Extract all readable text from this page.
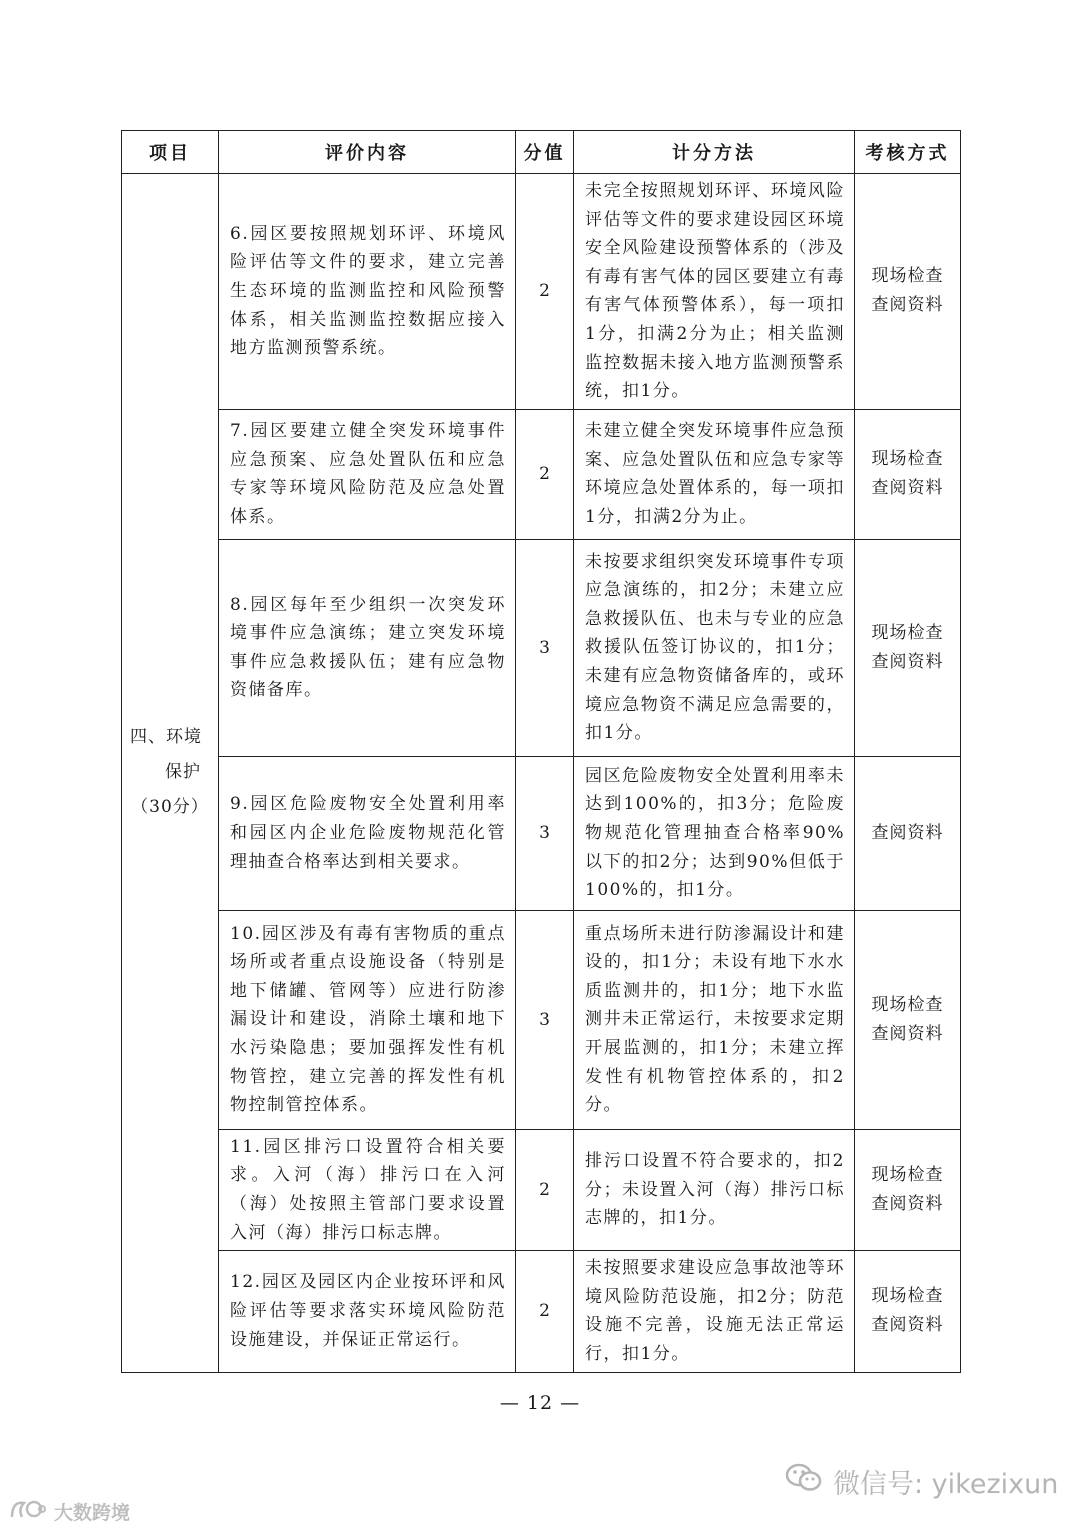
项目	评价内容	分值	计分方法	考核方式

四、环境
保护
（30分）	6.园区要按照规划环评、环境风险评估等文件的要求，建立完善生态环境的监测监控和风险预警体系，相关监测监控数据应接入地方监测预警系统。	2	未完全按照规划环评、环境风险评估等文件的要求建设园区环境安全风险建设预警体系的（涉及有毒有害气体的园区要建立有毒有害气体预警体系），每一项扣1分，扣满2分为止；相关监测监控数据未接入地方监测预警系统，扣1分。	现场检查查阅资料
	7.园区要建立健全突发环境事件应急预案、应急处置队伍和应急专家等环境风险防范及应急处置体系。	2	未建立健全突发环境事件应急预案、应急处置队伍和应急专家等环境应急处置体系的，每一项扣1分，扣满2分为止。	现场检查查阅资料
	8.园区每年至少组织一次突发环境事件应急演练；建立突发环境事件应急救援队伍；建有应急物资储备库。	3	未按要求组织突发环境事件专项应急演练的，扣2分；未建立应急救援队伍、也未与专业的应急救援队伍签订协议的，扣1分；未建有应急物资储备库的，或环境应急物资不满足应急需要的，扣1分。	现场检查查阅资料
	9.园区危险废物安全处置利用率和园区内企业危险废物规范化管理抽查合格率达到相关要求。	3	园区危险废物安全处置利用率未达到100%的，扣3分；危险废物规范化管理抽查合格率90%以下的扣2分；达到90%但低于100%的，扣1分。	查阅资料
	10.园区涉及有毒有害物质的重点场所或者重点设施设备（特别是地下储罐、管网等）应进行防渗漏设计和建设，消除土壤和地下水污染隐患；要加强挥发性有机物管控，建立完善的挥发性有机物控制管控体系。	3	重点场所未进行防渗漏设计和建设的，扣1分；未设有地下水水质监测井的，扣1分；地下水监测井未正常运行，未按要求定期开展监测的，扣1分；未建立挥发性有机物管控体系的，扣2分。	现场检查查阅资料
	11.园区排污口设置符合相关要求。入河（海）排污口在入河（海）处按照主管部门要求设置入河（海）排污口标志牌。	2	排污口设置不符合要求的，扣2分；未设置入河（海）排污口标志牌的，扣1分。	现场检查查阅资料
	12.园区及园区内企业按环评和风险评估等要求落实环境风险防范设施建设，并保证正常运行。	2	未按照要求建设应急事故池等环境风险防范设施，扣2分；防范设施不完善，设施无法正常运行，扣1分。	现场检查查阅资料
— 12 —
微信号: yikezixun
大数跨境
